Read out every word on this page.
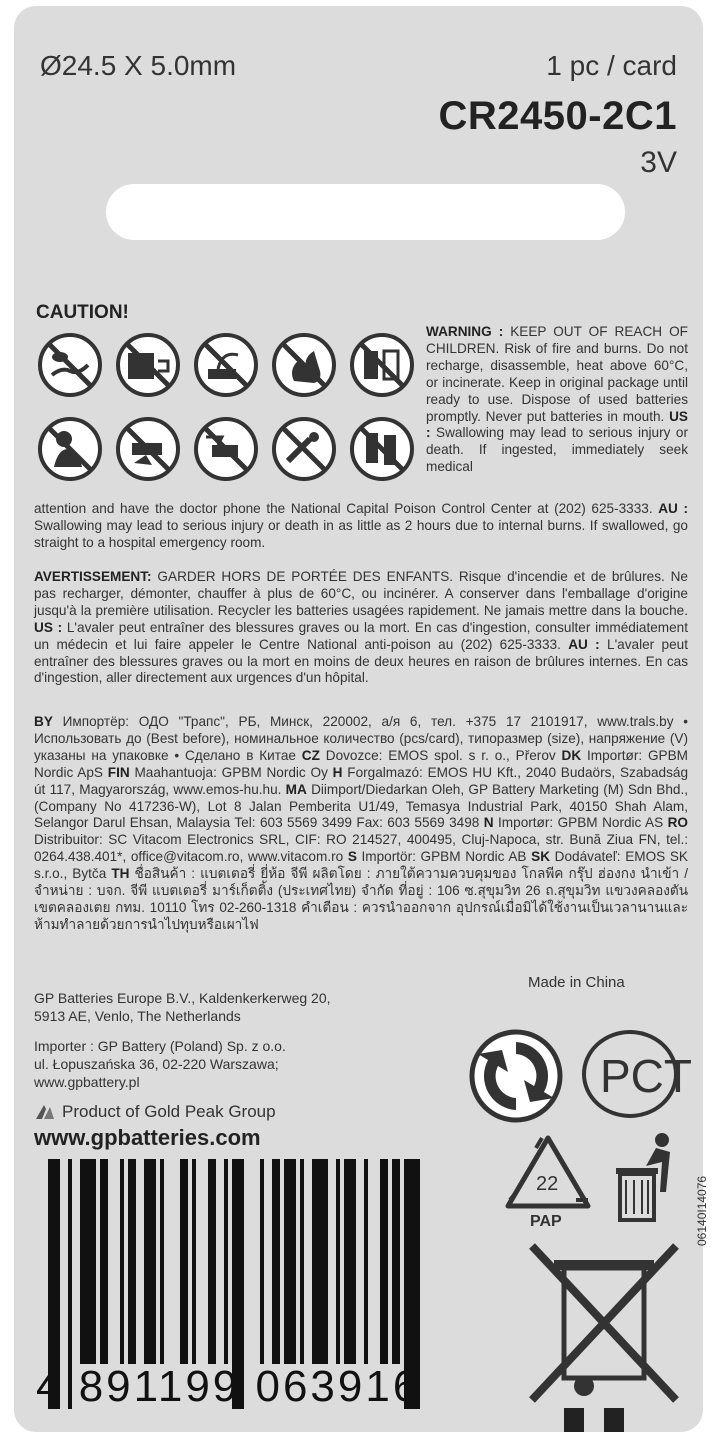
Ø24.5 X 5.0mm	1 pc / card
CR2450-2C1
3V
CAUTION!
WARNING : KEEP OUT OF REACH OF CHILDREN. Risk of fire and burns. Do not recharge, disassemble, heat above 60°C, or incinerate. Keep in original package until ready to use. Dispose of used batteries promptly. Never put batteries in mouth. US : Swallowing may lead to serious injury or death. If ingested, immediately seek medical
attention and have the doctor phone the National Capital Poison Control Center at (202) 625-3333. AU : Swallowing may lead to serious injury or death in as little as 2 hours due to internal burns. If swallowed, go straight to a hospital emergency room.
AVERTISSEMENT: GARDER HORS DE PORTÉE DES ENFANTS. Risque d'incendie et de brûlures. Ne pas recharger, démonter, chauffer à plus de 60°C, ou incinérer. A conserver dans l'emballage d'origine jusqu'à la première utilisation. Recycler les batteries usagées rapidement. Ne jamais mettre dans la bouche. US : L'avaler peut entraîner des blessures graves ou la mort. En cas d'ingestion, consulter immédiatement un médecin et lui faire appeler le Centre National anti-poison au (202) 625-3333. AU : L'avaler peut entraîner des blessures graves ou la mort en moins de deux heures en raison de brûlures internes. En cas d'ingestion, aller directement aux urgences d'un hôpital.
BY Импортёр: ОДО "Трапс", РБ, Минск, 220002, а/я 6, тел. +375 17 2101917, www.trals.by • Использовать до (Best before), номинальное количество (pcs/card), типоразмер (size), напряжение (V) указаны на упаковке • Сделано в Китае CZ Dovozce: EMOS spol. s r. o., Přerov DK Importør: GPBM Nordic ApS FIN Maahantuoja: GPBM Nordic Oy H Forgalmazó: EMOS HU Kft., 2040 Budaörs, Szabadság út 117, Magyarország, www.emos-hu.hu. MA Diimport/Diedarkan Oleh, GP Battery Marketing (M) Sdn Bhd., (Company No 417236-W), Lot 8 Jalan Pemberita U1/49, Temasya Industrial Park, 40150 Shah Alam, Selangor Darul Ehsan, Malaysia Tel: 603 5569 3499 Fax: 603 5569 3498 N Importør: GPBM Nordic AS RO Distribuitor: SC Vitacom Electronics SRL, CIF: RO 214527, 400495, Cluj-Napoca, str. Bună Ziua FN, tel.: 0264.438.401*, office@vitacom.ro, www.vitacom.ro S Importör: GPBM Nordic AB SK Dodávateľ: EMOS SK s.r.o., Bytča TH ชื่อสินค้า : แบตเตอรี่ ยี่ห้อ จีพี ผลิตโดย : ภายใต้ความควบคุมของ โกลพีค กรุ๊ป ฮ่องกง นำเข้า / จำหน่าย : บจก. จีพี แบตเตอรี่ มาร์เก็ตติ้ง (ประเทศไทย) จำกัด ที่อยู่ : 106 ซ.สุขุมวิท 26 ถ.สุขุมวิท แขวงคลองตัน เขตคลองเตย กทม. 10110 โทร 02-260-1318 คำเตือน : ควรนำออกจาก อุปกรณ์เมื่อมิได้ใช้งานเป็นเวลานานและห้ามทำลายด้วยการนำไปทุบหรือเผาไฟ
Made in China
GP Batteries Europe B.V., Kaldenkerkerweg 20,
5913 AE, Venlo, The Netherlands
Importer : GP Battery (Poland) Sp. z o.o.
ul. Łopuszańska 36, 02-220 Warszawa;
www.gpbattery.pl
Product of Gold Peak Group
www.gpbatteries.com
4 891199 063916
PCT
22
PAP	06140I14076
